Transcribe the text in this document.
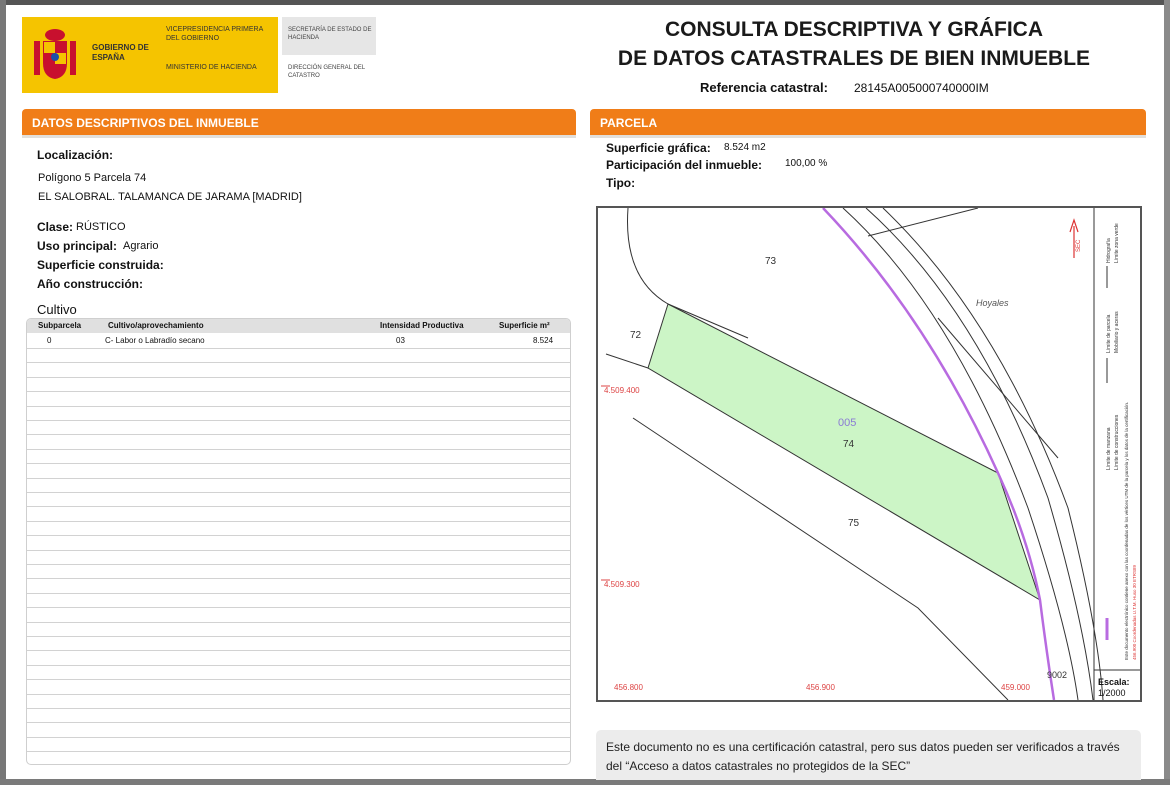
GOBIERNO DE ESPAÑA
VICEPRESIDENCIA PRIMERA DEL GOBIERNO
MINISTERIO DE HACIENDA
SECRETARÍA DE ESTADO DE HACIENDA
DIRECCIÓN GENERAL DEL CATASTRO
CONSULTA DESCRIPTIVA Y GRÁFICA
DE DATOS CATASTRALES DE BIEN INMUEBLE
Referencia catastral: 28145A005000740000IM
DATOS DESCRIPTIVOS DEL INMUEBLE
Localización:
Polígono 5 Parcela 74
EL SALOBRAL. TALAMANCA DE JARAMA [MADRID]
Clase: RÚSTICO
Uso principal: Agrario
Superficie construida:
Año construcción:
Cultivo
Subparcela	Cultivo/aprovechamiento	Intensidad Productiva	Superficie m²
0	C- Labor o Labradío secano	03	8.524
PARCELA
Superficie gráfica: 8.524 m2
Participación del inmueble: 100,00 %
Tipo:
73
72
005
74
75
9002
Hoyales
4.509.400
4.509.300
456.800	456.900	459.000
Escala:
1/2000
SEC
Límite de manzana Límite de construcciones
Límite de parcela Mobiliario y aceras
Hidrografía Límite zona verde
Este documento electrónico contiene anexo con las coordenadas de los vértices UTM de la parcela y los datos de la certificación. 456.900 Coordenadas U.T.M. Huso 30 ETRS89
Este documento no es una certificación catastral, pero sus datos pueden ser verificados a través del “Acceso a datos catastrales no protegidos de la SEC”
